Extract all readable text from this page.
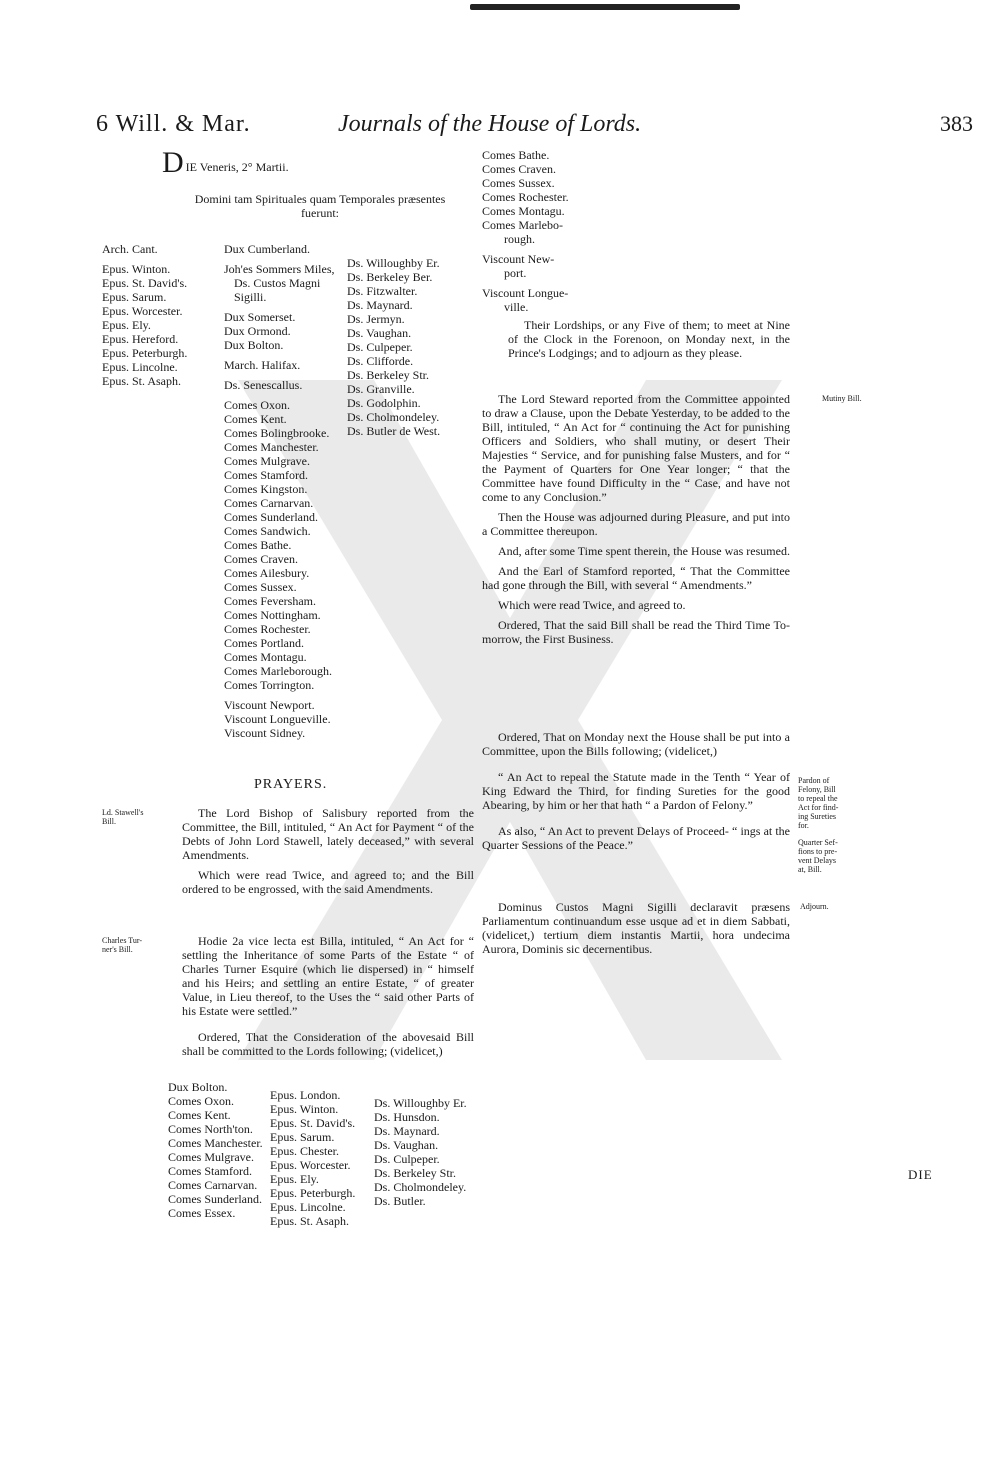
6 Will. & Mar.	Journals of the House of Lords.	383
D IE Veneris, 2° Martii.
Domini tam Spirituales quam Temporales præsentes
fuerunt:
Arch. Cant.
Epus. Winton.
Epus. St. David's.
Epus. Sarum.
Epus. Worcester.
Epus. Ely.
Epus. Hereford.
Epus. Peterburgh.
Epus. Lincolne.
Epus. St. Asaph.
Dux Cumberland.
Joh'es Sommers Miles,
Ds. Custos Magni
Sigilli.
Dux Somerset.
Dux Ormond.
Dux Bolton.
March. Halifax.
Ds. Senescallus.
Comes Oxon.
Comes Kent.
Comes Bolingbrooke.
Comes Manchester.
Comes Mulgrave.
Comes Stamford.
Comes Kingston.
Comes Carnarvan.
Comes Sunderland.
Comes Sandwich.
Comes Bathe.
Comes Craven.
Comes Ailesbury.
Comes Sussex.
Comes Feversham.
Comes Nottingham.
Comes Rochester.
Comes Portland.
Comes Montagu.
Comes Marleborough.
Comes Torrington.
Viscount Newport.
Viscount Longueville.
Viscount Sidney.
Ds. Willoughby Er.
Ds. Berkeley Ber.
Ds. Fitzwalter.
Ds. Maynard.
Ds. Jermyn.
Ds. Vaughan.
Ds. Culpeper.
Ds. Clifforde.
Ds. Berkeley Str.
Ds. Granville.
Ds. Godolphin.
Ds. Cholmondeley.
Ds. Butler de West.
PRAYERS.
Ld. Stawell's
Bill.

The Lord Bishop of Salisbury reported from the Committee, the Bill, intituled, “ An Act for Payment “ of the Debts of John Lord Stawell, lately deceased,” with several Amendments.

Which were read Twice, and agreed to; and the Bill ordered to be engrossed, with the said Amendments.

Charles Tur-
ner's Bill.

Hodie 2a vice lecta est Billa, intituled, “ An Act for “ settling the Inheritance of some Parts of the Estate “ of Charles Turner Esquire (which lie dispersed) in “ himself and his Heirs; and settling an entire Estate, “ of greater Value, in Lieu thereof, to the Uses the “ said other Parts of his Estate were settled.”

Ordered, That the Consideration of the abovesaid Bill shall be committed to the Lords following; (videlicet,)

Dux Bolton.
Comes Oxon.
Comes Kent.
Comes North'ton.
Comes Manchester.
Comes Mulgrave.
Comes Stamford.
Comes Carnarvan.
Comes Sunderland.
Comes Essex.
Epus. London.
Epus. Winton.
Epus. St. David's.
Epus. Sarum.
Epus. Chester.
Epus. Worcester.
Epus. Ely.
Epus. Peterburgh.
Epus. Lincolne.
Epus. St. Asaph.
Ds. Willoughby Er.
Ds. Hunsdon.
Ds. Maynard.
Ds. Vaughan.
Ds. Culpeper.
Ds. Berkeley Str.
Ds. Cholmondeley.
Ds. Butler.
Comes Bathe.
Comes Craven.
Comes Sussex.
Comes Rochester.
Comes Montagu.
Comes Marlebo-
rough.
Viscount New-
port.
Viscount Longue-
ville.

Their Lordships, or any Five of them; to meet at Nine of the Clock in the Forenoon, on Monday next, in the Prince's Lodgings; and to adjourn as they please.

Mutiny Bill.

The Lord Steward reported from the Committee appointed to draw a Clause, upon the Debate Yesterday, to be added to the Bill, intituled, “ An Act for “ continuing the Act for punishing Officers and Soldiers, who shall mutiny, or desert Their Majesties “ Service, and for punishing false Musters, and for “ the Payment of Quarters for One Year longer; “ that the Committee have found Difficulty in the “ Case, and have not come to any Conclusion.”

Then the House was adjourned during Pleasure, and put into a Committee thereupon.

And, after some Time spent therein, the House was resumed.

And the Earl of Stamford reported, “ That the Committee had gone through the Bill, with several “ Amendments.”

Which were read Twice, and agreed to.

Ordered, That the said Bill shall be read the Third Time To-morrow, the First Business.

Ordered, That on Monday next the House shall be put into a Committee, upon the Bills following; (videlicet,)

“ An Act to repeal the Statute made in the Tenth “ Year of King Edward the Third, for finding Sureties for the good Abearing, by him or her that hath “ a Pardon of Felony.”

As also, “ An Act to prevent Delays of Proceed- “ ings at the Quarter Sessions of the Peace.”

Pardon of
Felony, Bill
to repeal the
Act for find-
ing Sureties
for.
Quarter Sef-
fions to pre-
vent Delays
at, Bill.
Adjourn.

Dominus Custos Magni Sigilli declaravit præsens Parliamentum continuandum esse usque ad et in diem Sabbati, (videlicet,) tertium diem instantis Martii, hora undecima Aurora, Dominis sic decernentibus.

DIE
